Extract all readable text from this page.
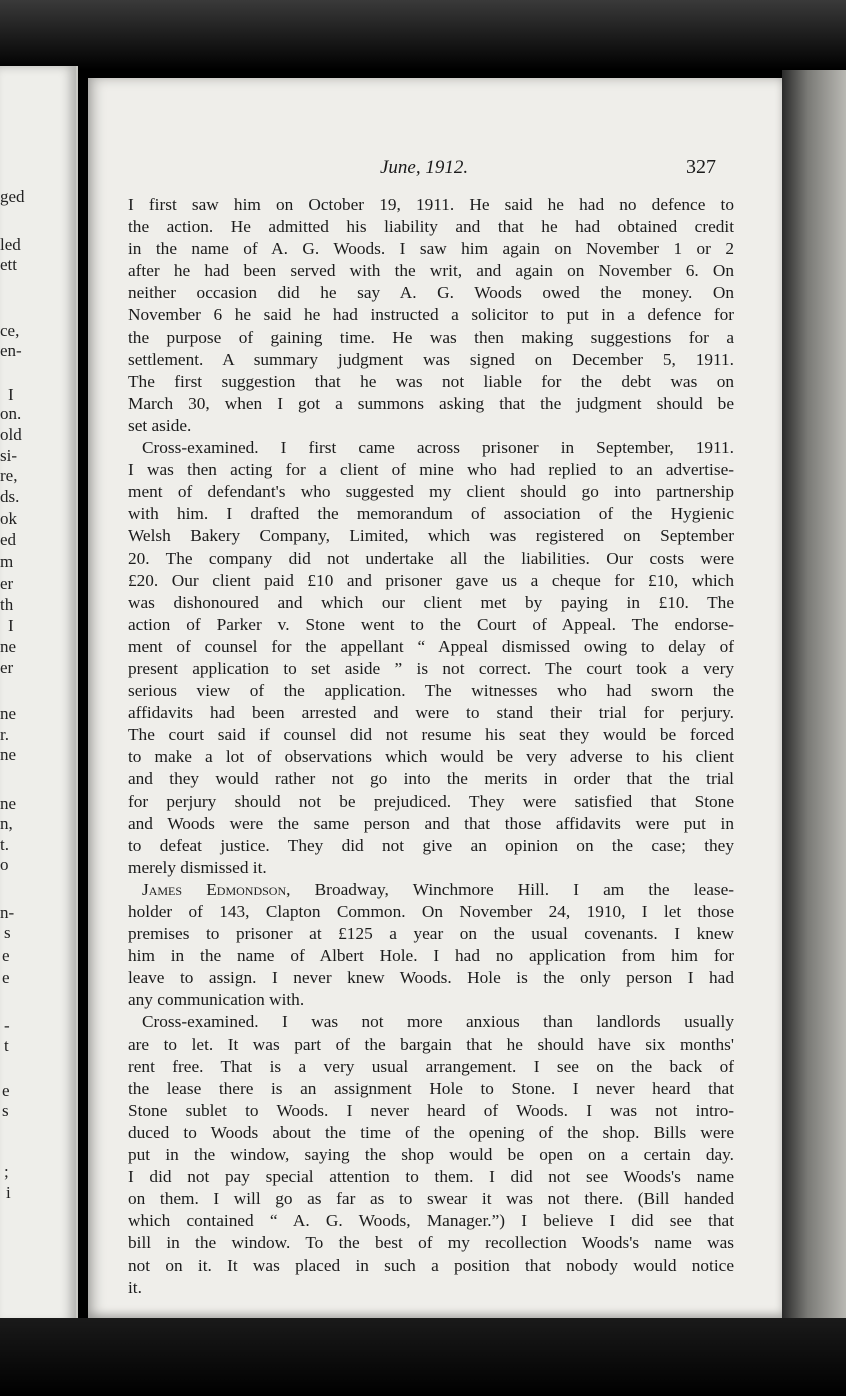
ged
led
ett
ce,
en-
I
on.
old
si-
re,
ds.
ok
ed
m
er
th
I
ne
er
ne
r.
ne
ne
n,
t.
o
n-
s
e
e
-
t
e
s
;
i
June, 1912.	327
I first saw him on October 19, 1911. He said he had no defence to
the action. He admitted his liability and that he had obtained credit
in the name of A. G. Woods. I saw him again on November 1 or 2
after he had been served with the writ, and again on November 6. On
neither occasion did he say A. G. Woods owed the money. On
November 6 he said he had instructed a solicitor to put in a defence for
the purpose of gaining time. He was then making suggestions for a
settlement. A summary judgment was signed on December 5, 1911.
The first suggestion that he was not liable for the debt was on
March 30, when I got a summons asking that the judgment should be
set aside.
Cross-examined. I first came across prisoner in September, 1911.
I was then acting for a client of mine who had replied to an advertise-
ment of defendant's who suggested my client should go into partnership
with him. I drafted the memorandum of association of the Hygienic
Welsh Bakery Company, Limited, which was registered on September
20. The company did not undertake all the liabilities. Our costs were
£20. Our client paid £10 and prisoner gave us a cheque for £10, which
was dishonoured and which our client met by paying in £10. The
action of Parker v. Stone went to the Court of Appeal. The endorse-
ment of counsel for the appellant “ Appeal dismissed owing to delay of
present application to set aside ” is not correct. The court took a very
serious view of the application. The witnesses who had sworn the
affidavits had been arrested and were to stand their trial for perjury.
The court said if counsel did not resume his seat they would be forced
to make a lot of observations which would be very adverse to his client
and they would rather not go into the merits in order that the trial
for perjury should not be prejudiced. They were satisfied that Stone
and Woods were the same person and that those affidavits were put in
to defeat justice. They did not give an opinion on the case; they
merely dismissed it.
James Edmondson, Broadway, Winchmore Hill. I am the lease-
holder of 143, Clapton Common. On November 24, 1910, I let those
premises to prisoner at £125 a year on the usual covenants. I knew
him in the name of Albert Hole. I had no application from him for
leave to assign. I never knew Woods. Hole is the only person I had
any communication with.
Cross-examined. I was not more anxious than landlords usually
are to let. It was part of the bargain that he should have six months'
rent free. That is a very usual arrangement. I see on the back of
the lease there is an assignment Hole to Stone. I never heard that
Stone sublet to Woods. I never heard of Woods. I was not intro-
duced to Woods about the time of the opening of the shop. Bills were
put in the window, saying the shop would be open on a certain day.
I did not pay special attention to them. I did not see Woods's name
on them. I will go as far as to swear it was not there. (Bill handed
which contained “ A. G. Woods, Manager.”) I believe I did see that
bill in the window. To the best of my recollection Woods's name was
not on it. It was placed in such a position that nobody would notice
it.
